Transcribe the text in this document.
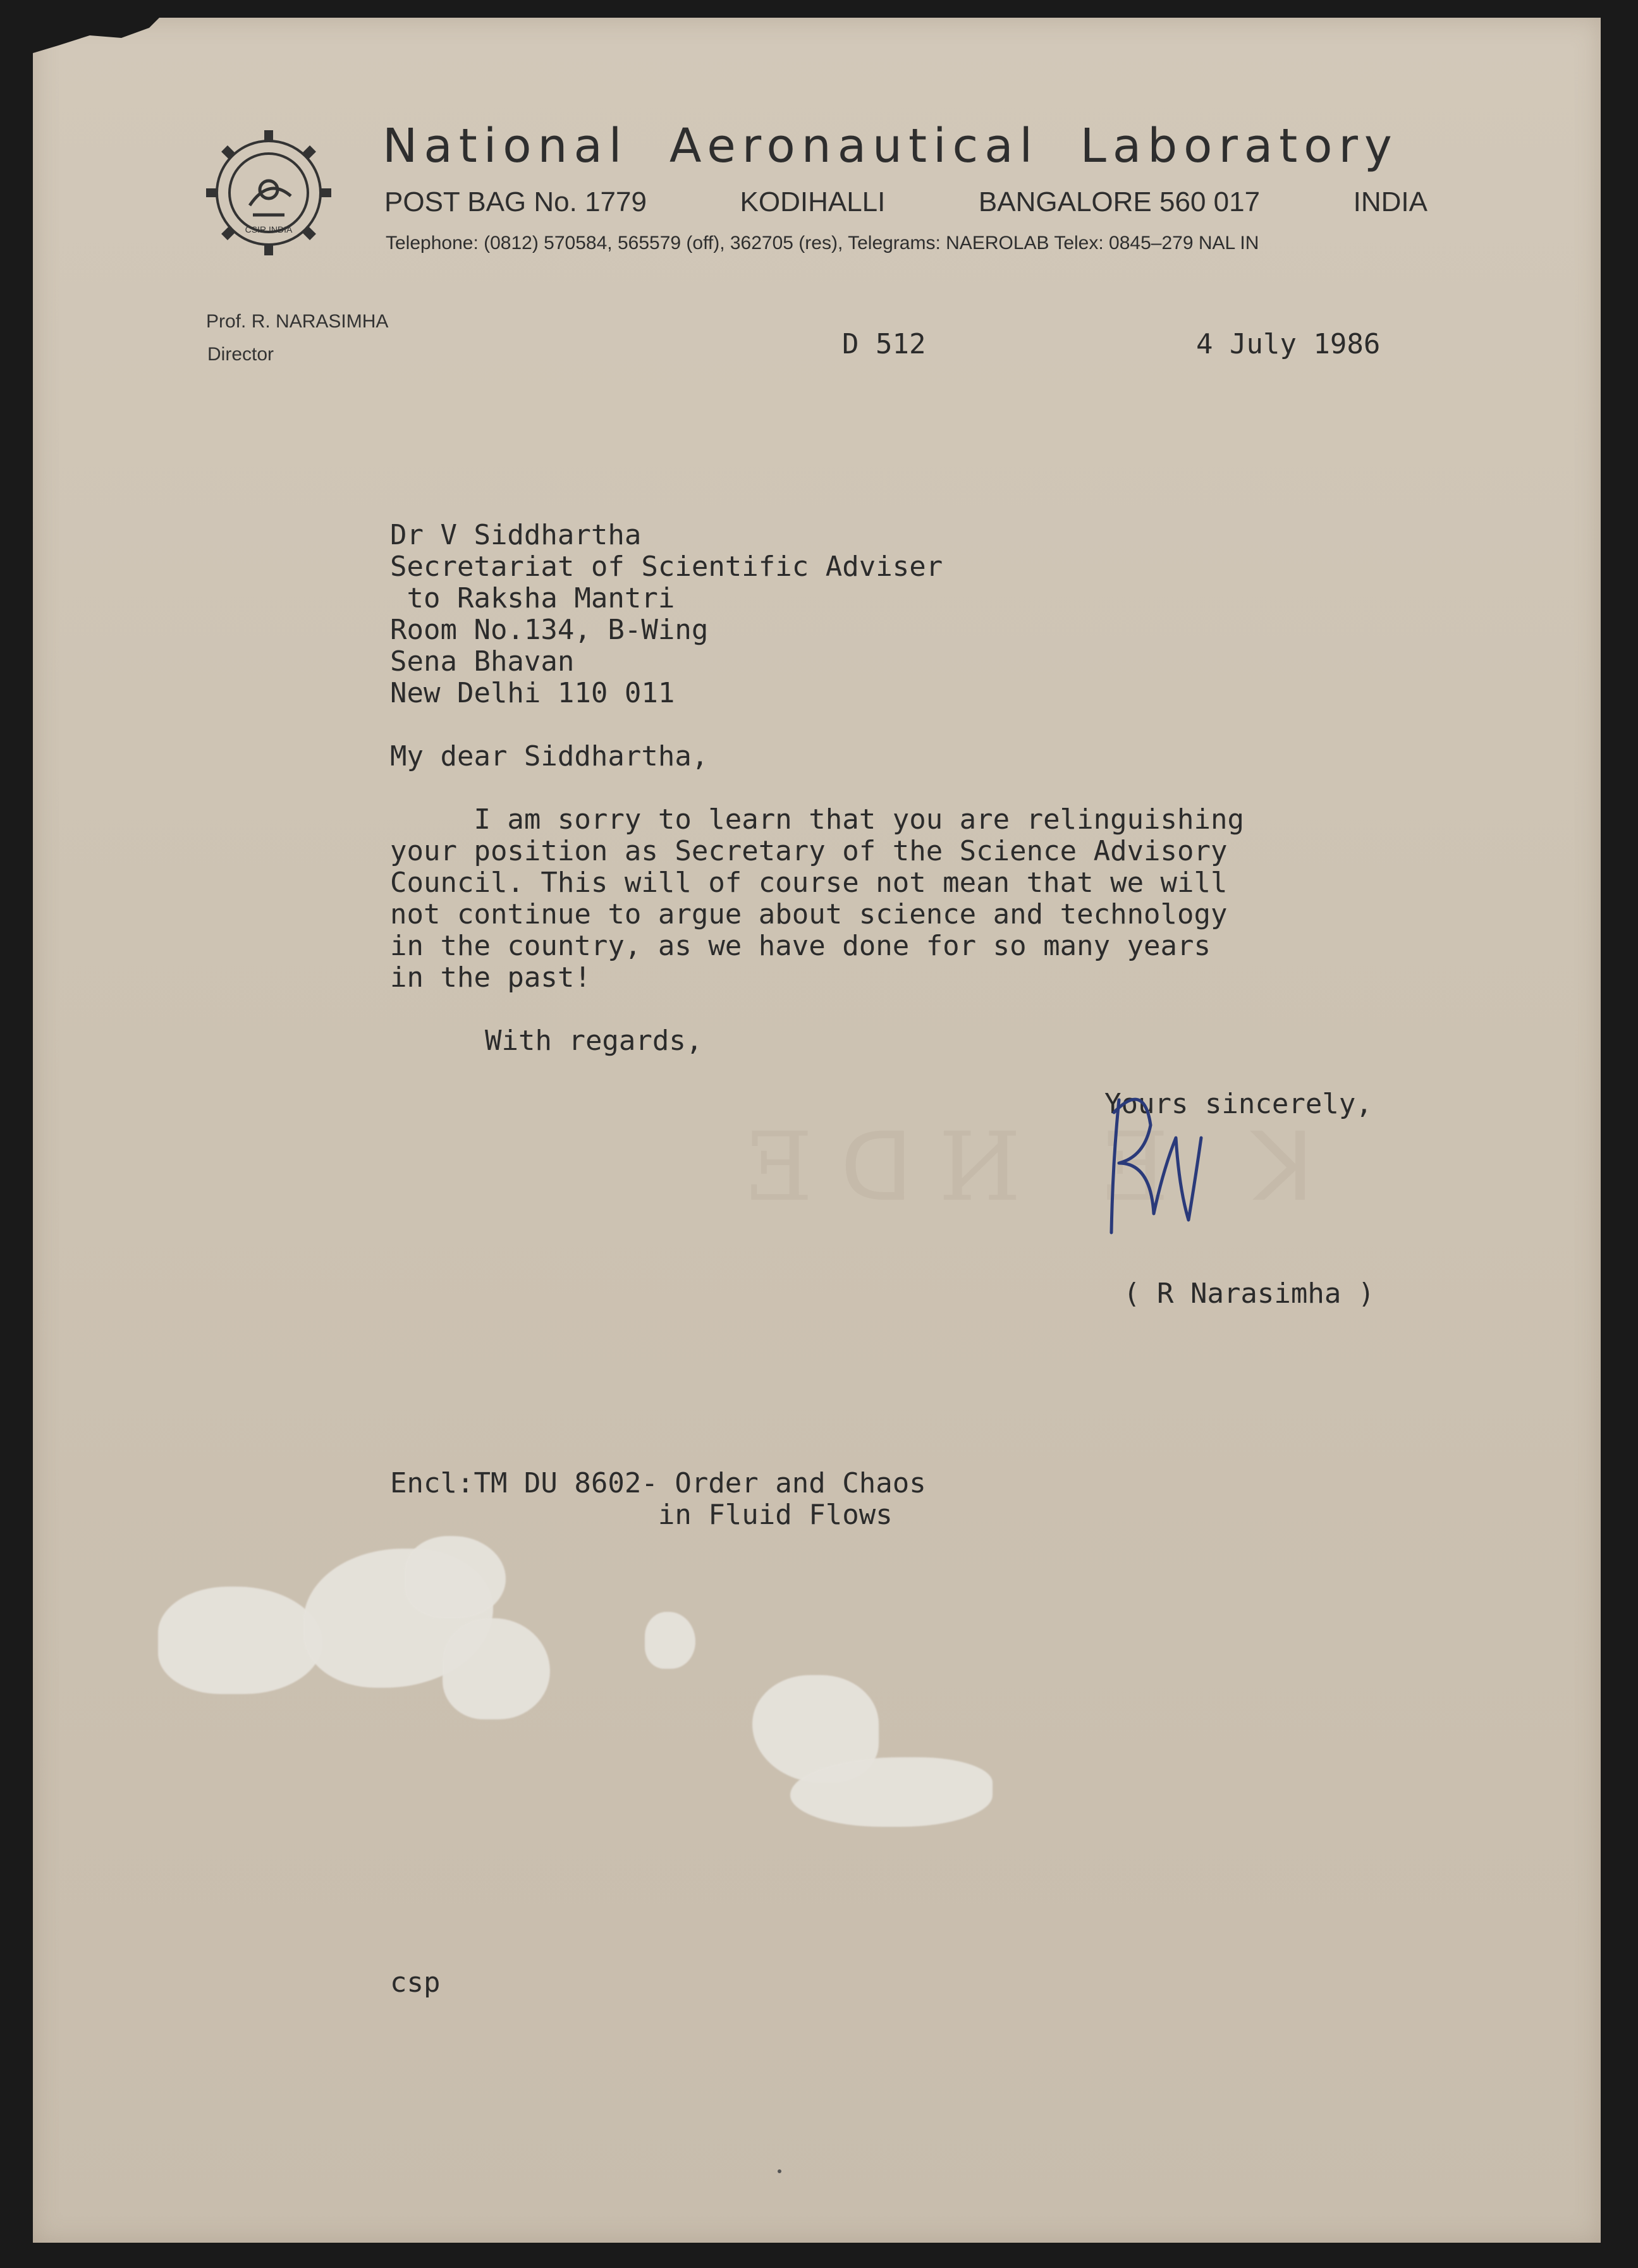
ƎꓷИ Ǝ ꓘ
CSIR INDIA
National Aeronautical Laboratory
POST BAG No. 1779	KODIHALLI	BANGALORE 560 017	INDIA
Telephone: (0812) 570584, 565579 (off), 362705 (res), Telegrams: NAEROLAB Telex: 0845–279 NAL IN
Prof. R. NARASIMHA
Director	D 512	4 July 1986
Dr V Siddhartha
Secretariat of Scientific Adviser
to Raksha Mantri
Room No.134, B-Wing
Sena Bhavan
New Delhi 110 011
My dear Siddhartha,
I am sorry to learn that you are relinguishing
your position as Secretary of the Science Advisory
Council. This will of course not mean that we will
not continue to argue about science and technology
in the country, as we have done for so many years
in the past!
With regards,
Yours sincerely,
( R Narasimha )
Encl:TM DU 8602- Order and Chaos
in Fluid Flows
csp
